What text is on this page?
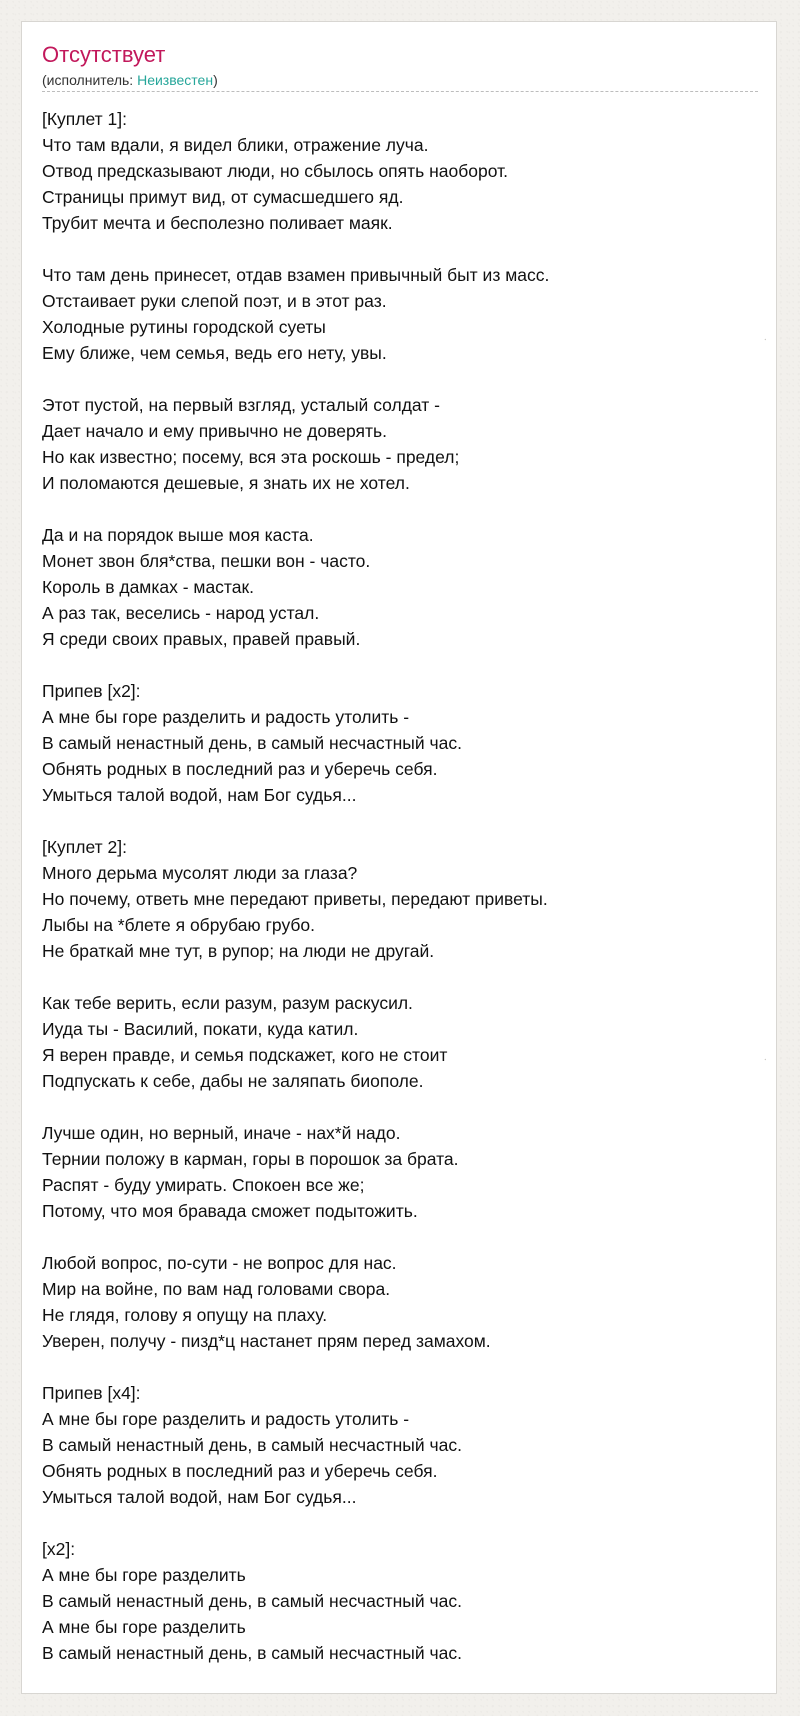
Отсутствует
(исполнитель: Неизвестен)
[Куплет 1]:
Что там вдали, я видел блики, отражение луча.
Отвод предсказывают люди, но сбылось опять наоборот.
Страницы примут вид, от сумасшедшего яд.
Трубит мечта и бесполезно поливает маяк.
Что там день принесет, отдав взамен привычный быт из масс.
Отстаивает руки слепой поэт, и в этот раз.
Холодные рутины городской суеты
Ему ближе, чем семья, ведь его нету, увы.
Этот пустой, на первый взгляд, усталый солдат -
Дает начало и ему привычно не доверять.
Но как известно; посему, вся эта роскошь - предел;
И поломаются дешевые, я знать их не хотел.
Да и на порядок выше моя каста.
Монет звон бля*ства, пешки вон - часто.
Король в дамках - мастак.
А раз так, веселись - народ устал.
Я среди своих правых, правей правый.
Припев [x2]:
А мне бы горе разделить и радость утолить -
В самый ненастный день, в самый несчастный час.
Обнять родных в последний раз и уберечь себя.
Умыться талой водой, нам Бог судья...
[Куплет 2]:
Много дерьма мусолят люди за глаза?
Но почему, ответь мне передают приветы, передают приветы.
Лыбы на *блете я обрубаю грубо.
Не браткай мне тут, в рупор; на люди не другай.
Как тебе верить, если разум, разум раскусил.
Иуда ты - Василий, покати, куда катил.
Я верен правде, и семья подскажет, кого не стоит
Подпускать к себе, дабы не заляпать биополе.
Лучше один, но верный, иначе - нах*й надо.
Тернии положу в карман, горы в порошок за брата.
Распят - буду умирать. Спокоен все же;
Потому, что моя бравада сможет подытожить.
Любой вопрос, по-сути - не вопрос для нас.
Мир на войне, по вам над головами свора.
Не глядя, голову я опущу на плаху.
Уверен, получу - пизд*ц настанет прям перед замахом.
Припев [x4]:
А мне бы горе разделить и радость утолить -
В самый ненастный день, в самый несчастный час.
Обнять родных в последний раз и уберечь себя.
Умыться талой водой, нам Бог судья...
[x2]:
А мне бы горе разделить
В самый ненастный день, в самый несчастный час.
А мне бы горе разделить
В самый ненастный день, в самый несчастный час.
⸱
⸱
